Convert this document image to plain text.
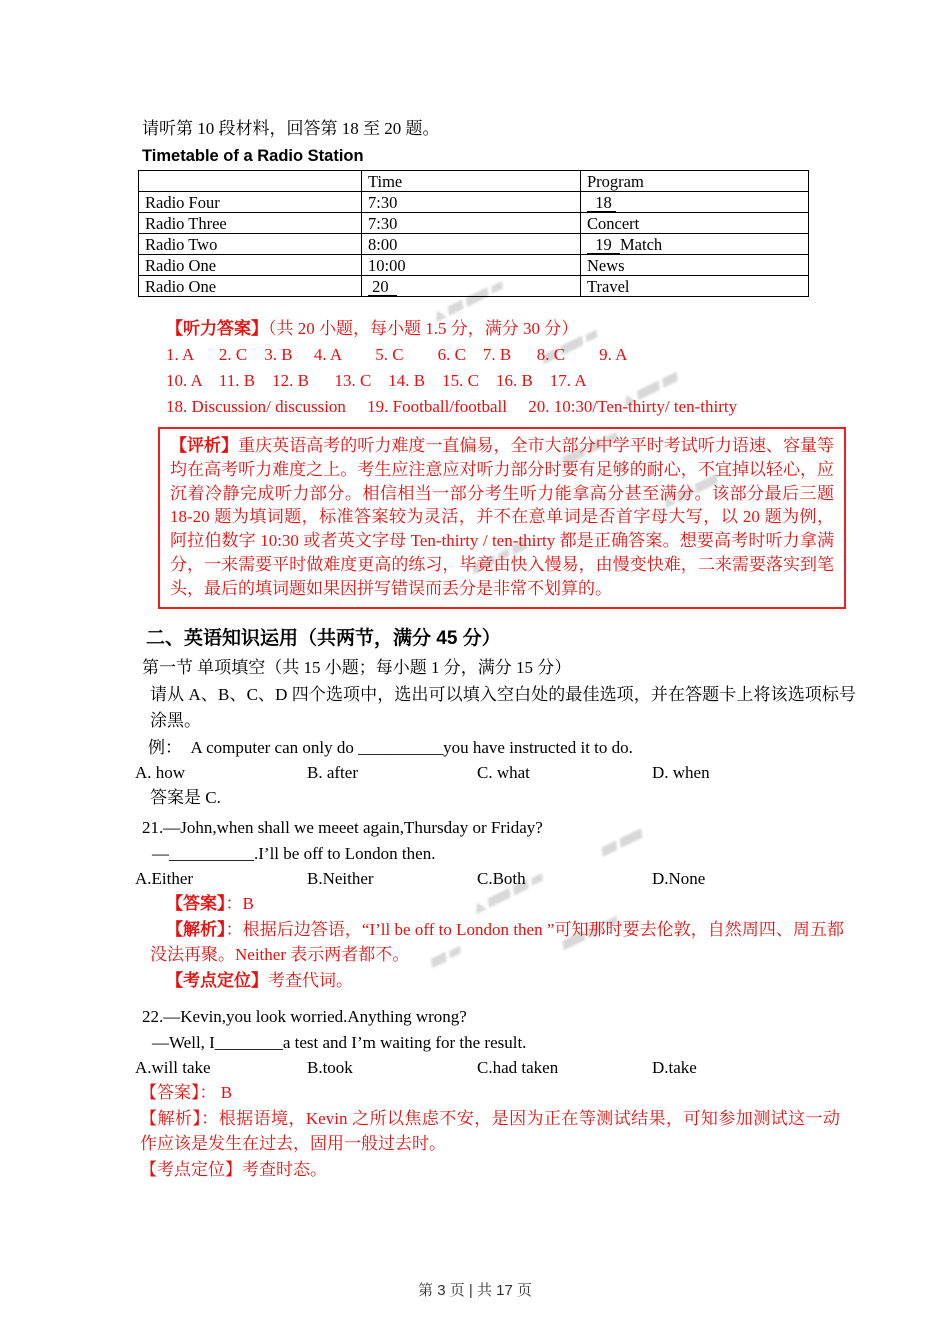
请听第 10 段材料，回答第 18 至 20 题。

Timetable of a Radio Station

	Time	Program
Radio Four	7:30	18
Radio Three	7:30	Concert
Radio Two	8:00	19  Match
Radio One	10:00	News
Radio One	20	Travel
【听力答案】（共 20 小题，每小题 1.5 分，满分 30 分）
1. A      2. C    3. B     4. A        5. C        6. C    7. B      8. C        9. A
10. A    11. B    12. B      13. C    14. B    15. C    16. B    17. A
18. Discussion/ discussion     19. Football/football     20. 10:30/Ten-thirty/ ten-thirty
【评析】重庆英语高考的听力难度一直偏易，全市大部分中学平时考试听力语速、容量等均在高考听力难度之上。考生应注意应对听力部分时要有足够的耐心，不宜掉以轻心，应沉着冷静完成听力部分。相信相当一部分考生听力能拿高分甚至满分。该部分最后三题 18-20 题为填词题，标准答案较为灵活，并不在意单词是否首字母大写，以 20 题为例，阿拉伯数字 10:30 或者英文字母 Ten-thirty / ten-thirty 都是正确答案。想要高考时听力拿满分，一来需要平时做难度更高的练习，毕竟由快入慢易，由慢变快难，二来需要落实到笔头，最后的填词题如果因拼写错误而丢分是非常不划算的。

二、英语知识运用（共两节，满分 45 分）

第一节 单项填空（共 15 小题；每小题 1 分，满分 15 分）

请从 A、B、C、D 四个选项中，选出可以填入空白处的最佳选项，并在答题卡上将该选项标号涂黑。

例：  A computer can only do __________you have instructed it to do.

A. how	B. after	C. what	D. when

答案是 C.

21.—John,when shall we meeet again,Thursday or Friday?

—__________.I’ll be off to London then.

A.Either	B.Neither	C.Both	D.None

【答案】：B

【解析】：根据后边答语，“I’ll be off to London then ”可知那时要去伦敦，自然周四、周五都没法再聚。Neither 表示两者都不。

【考点定位】考查代词。

22.—Kevin,you look worried.Anything wrong?

—Well, I________a test and I’m waiting for the result.

A.will take	B.took	C.had taken	D.take

【答案】： B

【解析】：根据语境，Kevin 之所以焦虑不安，是因为正在等测试结果，可知参加测试这一动作应该是发生在过去，固用一般过去时。

【考点定位】考查时态。

第 3 页 | 共 17 页
